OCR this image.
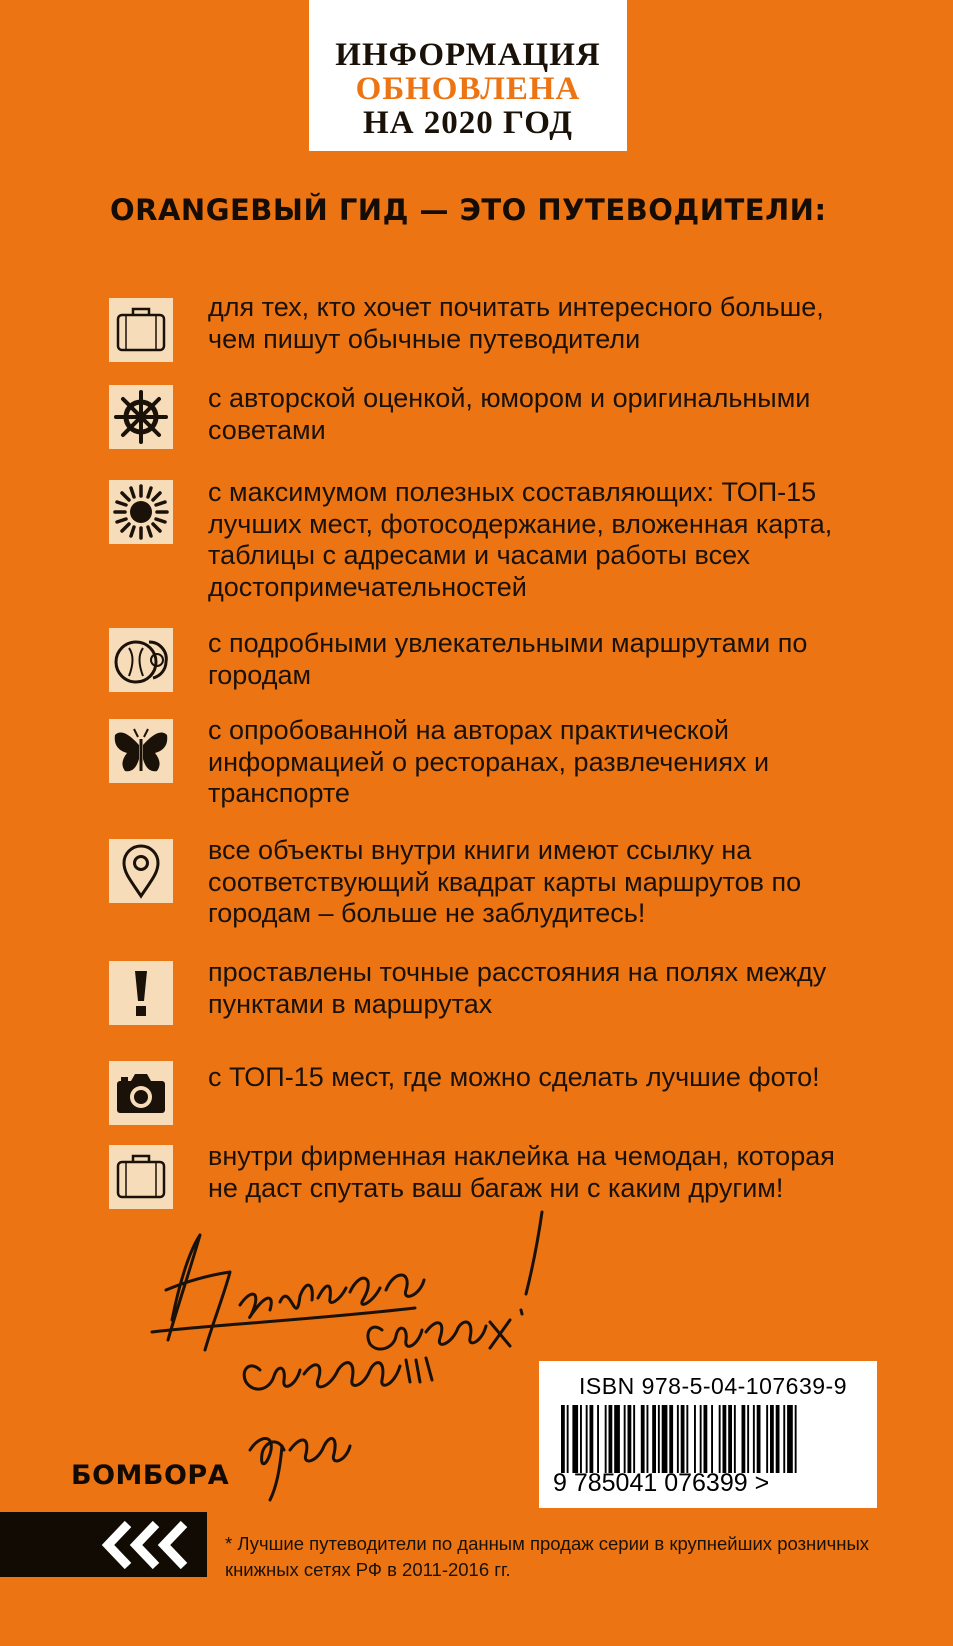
ИНФОРМАЦИЯ
ОБНОВЛЕНА
НА 2020 ГОД
ORANGEВЫЙ ГИД — ЭТО ПУТЕВОДИТЕЛИ:
для тех, кто хочет почитать интересного больше, чем пишут обычные путеводители
с авторской оценкой, юмором и оригинальными советами
с максимумом полезных составляющих: ТОП-15 лучших мест, фотосодержание, вложенная карта, таблицы с адресами и часами работы всех достопримечательностей
с подробными увлекательными маршрутами по городам
с опробованной на авторах практической информацией о ресторанах, развлечениях и транспорте
все объекты внутри книги имеют ссылку на соответствующий квадрат карты маршрутов по городам – больше не заблудитесь!
проставлены точные расстояния на полях между пунктами в маршрутах
с ТОП-15 мест, где можно сделать лучшие фото!
внутри фирменная наклейка на чемодан, которая не даст спутать ваш багаж ни с каким другим!
ISBN 978-5-04-107639-9
9 785041 076399 >
БОМБОРА
* Лучшие путеводители по данным продаж серии в крупнейших розничных книжных сетях РФ в 2011-2016 гг.
